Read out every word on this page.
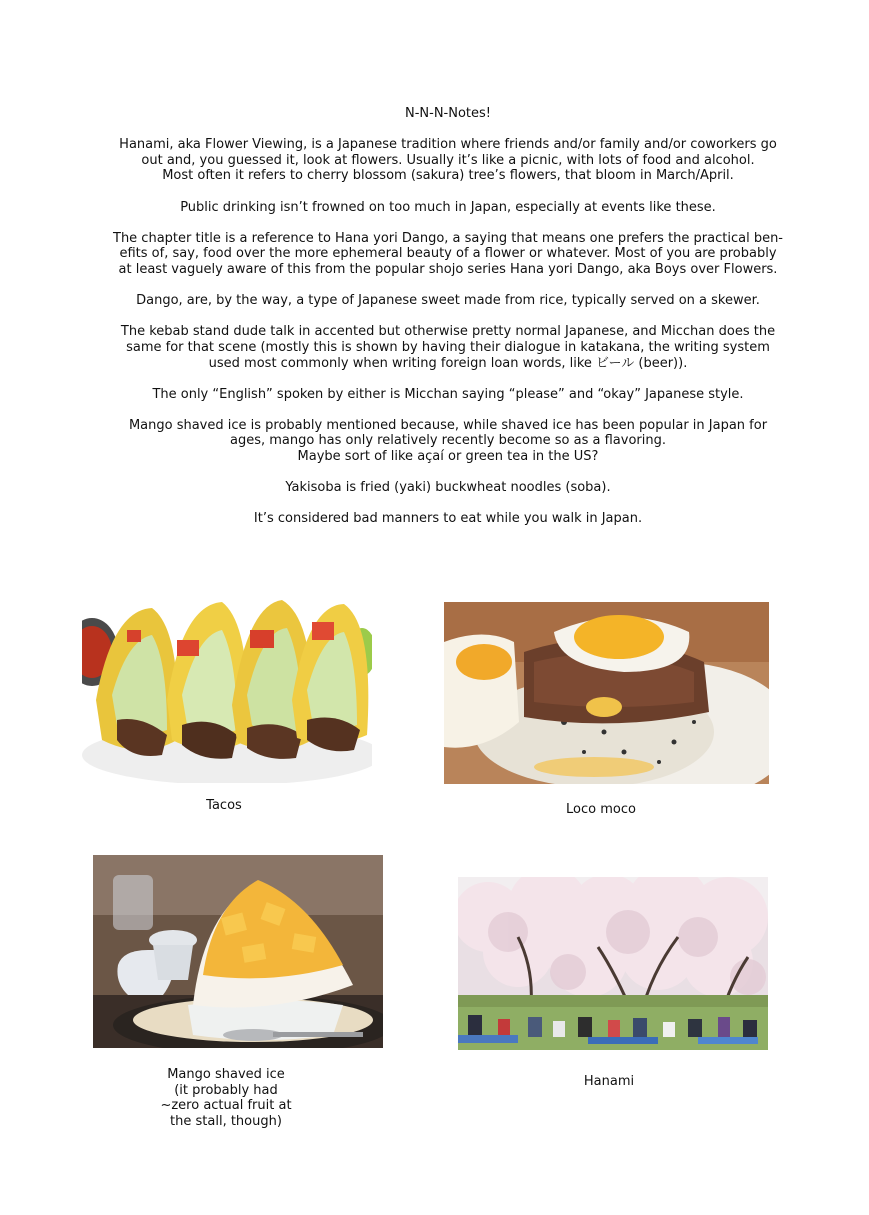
N-N-N-Notes!

Hanami, aka Flower Viewing, is a Japanese tradition where friends and/or family and/or coworkers go
out and, you guessed it, look at flowers. Usually it’s like a picnic, with lots of food and alcohol.
Most often it refers to cherry blossom (sakura) tree’s flowers, that bloom in March/April.

Public drinking isn’t frowned on too much in Japan, especially at events like these.

The chapter title is a reference to Hana yori Dango, a saying that means one prefers the practical ben-
efits of, say, food over the more ephemeral beauty of a flower or whatever. Most of you are probably
at least vaguely aware of this from the popular shojo series Hana yori Dango, aka Boys over Flowers.

Dango, are, by the way, a type of Japanese sweet made from rice, typically served on a skewer.

The kebab stand dude talk in accented but otherwise pretty normal Japanese, and Micchan does the
same for that scene (mostly this is shown by having their dialogue in katakana, the writing system
used most commonly when writing foreign loan words, like ビール (beer)).

The only “English” spoken by either is Micchan saying “please” and “okay” Japanese style.

Mango shaved ice is probably mentioned because, while shaved ice has been popular in Japan for
ages, mango has only relatively recently become so as a flavoring.
Maybe sort of like açaí or green tea in the US?

Yakisoba is fried (yaki) buckwheat noodles (soba).

It’s considered bad manners to eat while you walk in Japan.

Tacos	Loco moco
Mango shaved ice
(it probably had
~zero actual fruit at
the stall, though)
Hanami
